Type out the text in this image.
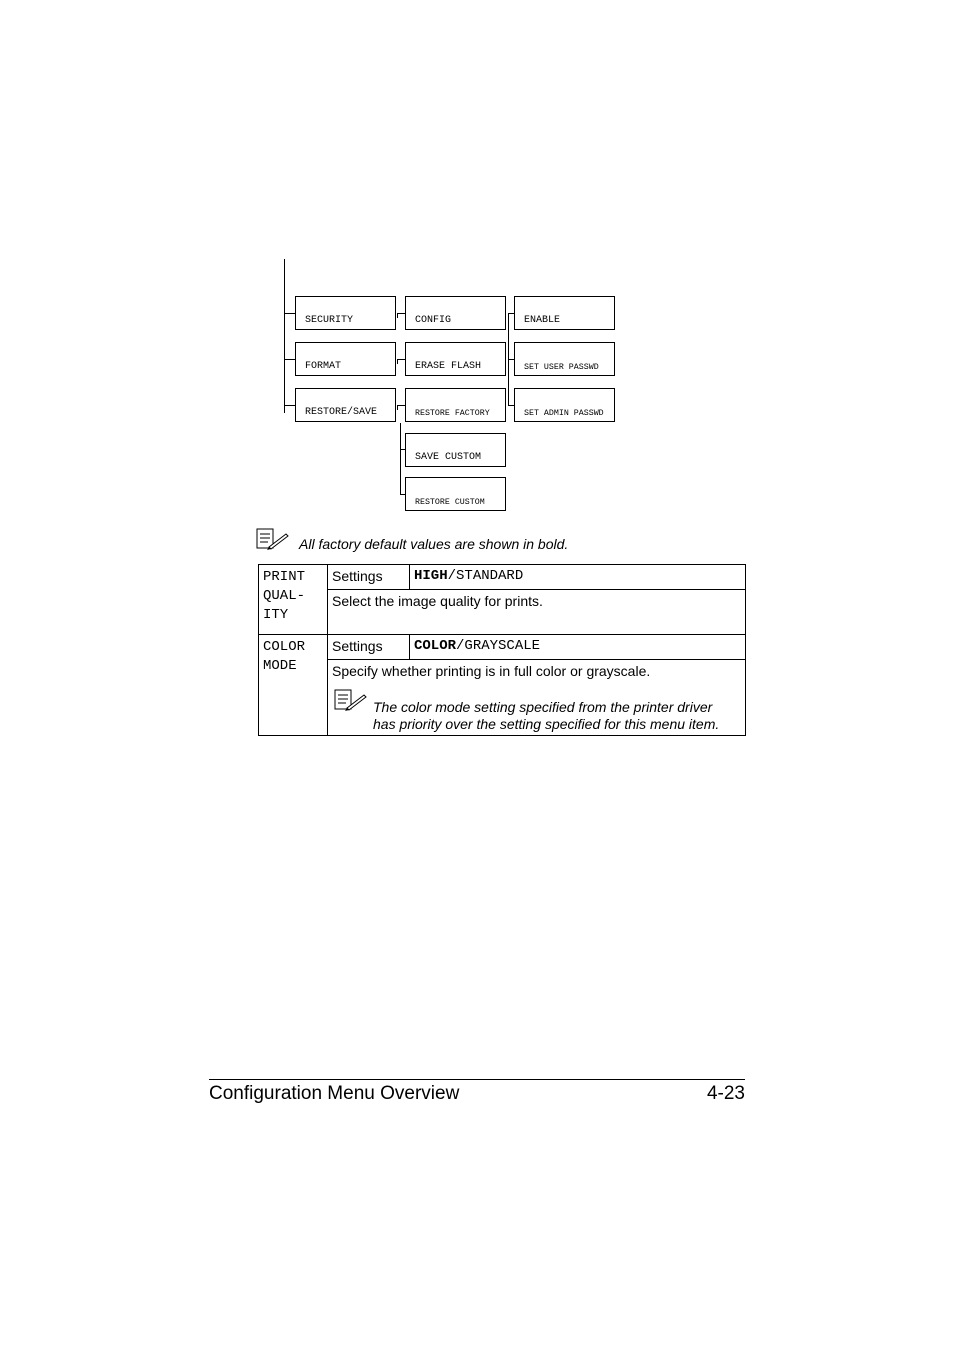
SECURITY
FORMAT
RESTORE/SAVE
CONFIG
ERASE FLASH
RESTORE FACTORY
SAVE CUSTOM
RESTORE CUSTOM
ENABLE
SET USER PASSWD
SET ADMIN PASSWD
All factory default values are shown in bold.
PRINT
QUAL-
ITY	Settings	HIGH/STANDARD
	Select the image quality for prints.	

COLOR
MODE	Settings	COLOR/GRAYSCALE

	Specify whether printing is in full color or grayscale.
The color mode setting specified from the printer driver
has priority over the setting specified for this menu item.	
Configuration Menu Overview	4-23
